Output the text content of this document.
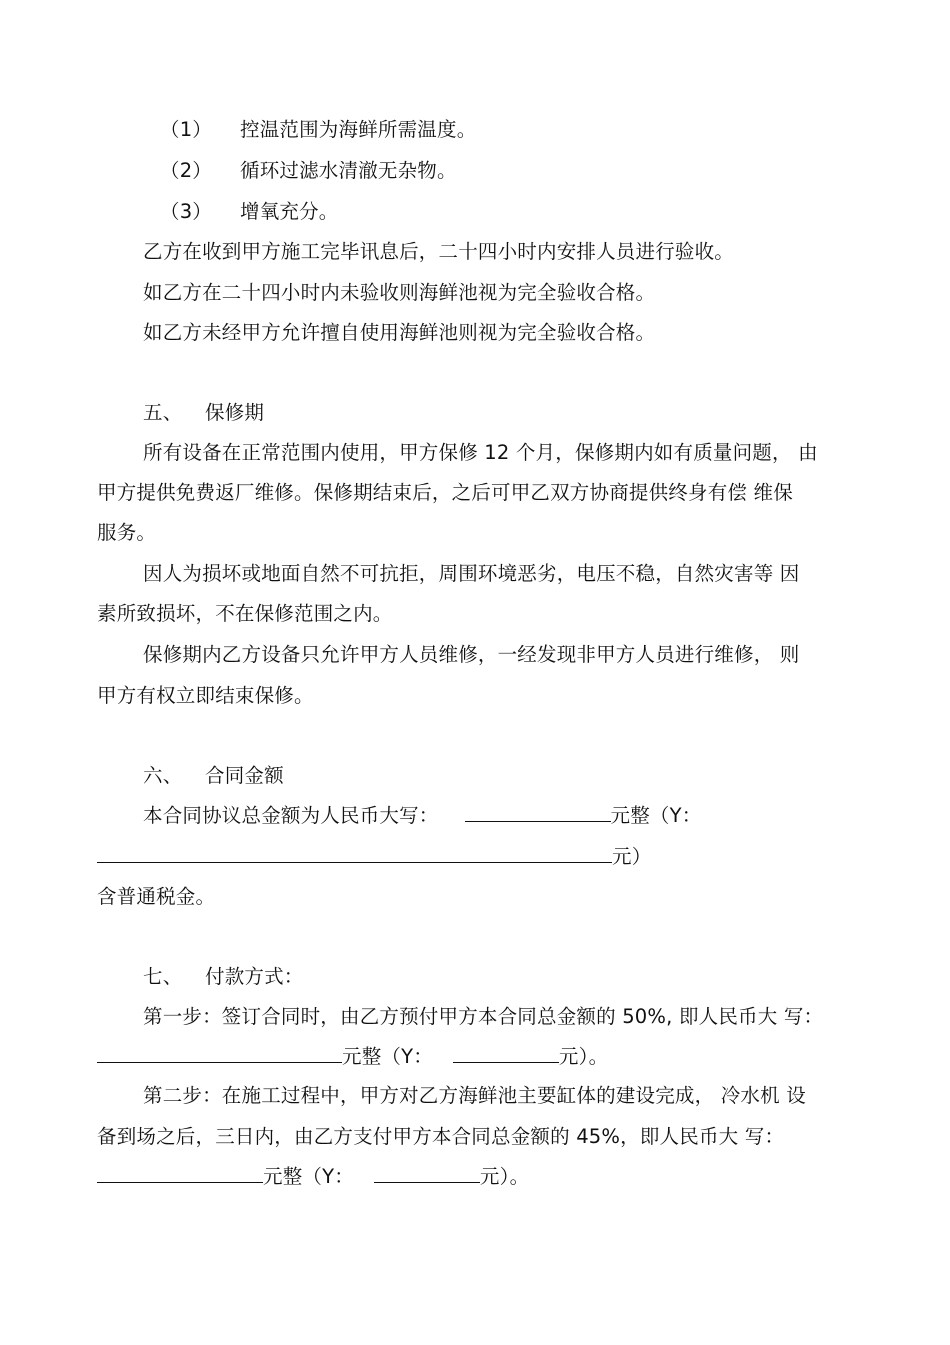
（1） 控温范围为海鲜所需温度。
（2） 循环过滤水清澈无杂物。
（3） 增氧充分。
乙方在收到甲方施工完毕讯息后，二十四小时内安排人员进行验收。
如乙方在二十四小时内未验收则海鲜池视为完全验收合格。
如乙方未经甲方允许擅自使用海鲜池则视为完全验收合格。
五、 保修期
所有设备在正常范围内使用，甲方保修 12 个月，保修期内如有质量问题， 由
甲方提供免费返厂维修。保修期结束后，之后可甲乙双方协商提供终身有偿 维保
服务。
因人为损坏或地面自然不可抗拒，周围环境恶劣，电压不稳，自然灾害等 因
素所致损坏，不在保修范围之内。
保修期内乙方设备只允许甲方人员维修，一经发现非甲方人员进行维修， 则
甲方有权立即结束保修。
六、 合同金额
本合同协议总金额为人民币大写：	元整（Y：
元）
含普通税金。
七、 付款方式：
第一步：签订合同时，由乙方预付甲方本合同总金额的 50%, 即人民币大 写：
元整（Y：	元）。
第二步：在施工过程中，甲方对乙方海鲜池主要缸体的建设完成， 冷水机 设
备到场之后，三日内，由乙方支付甲方本合同总金额的 45%，即人民币大 写：
元整（Y：	元）。
